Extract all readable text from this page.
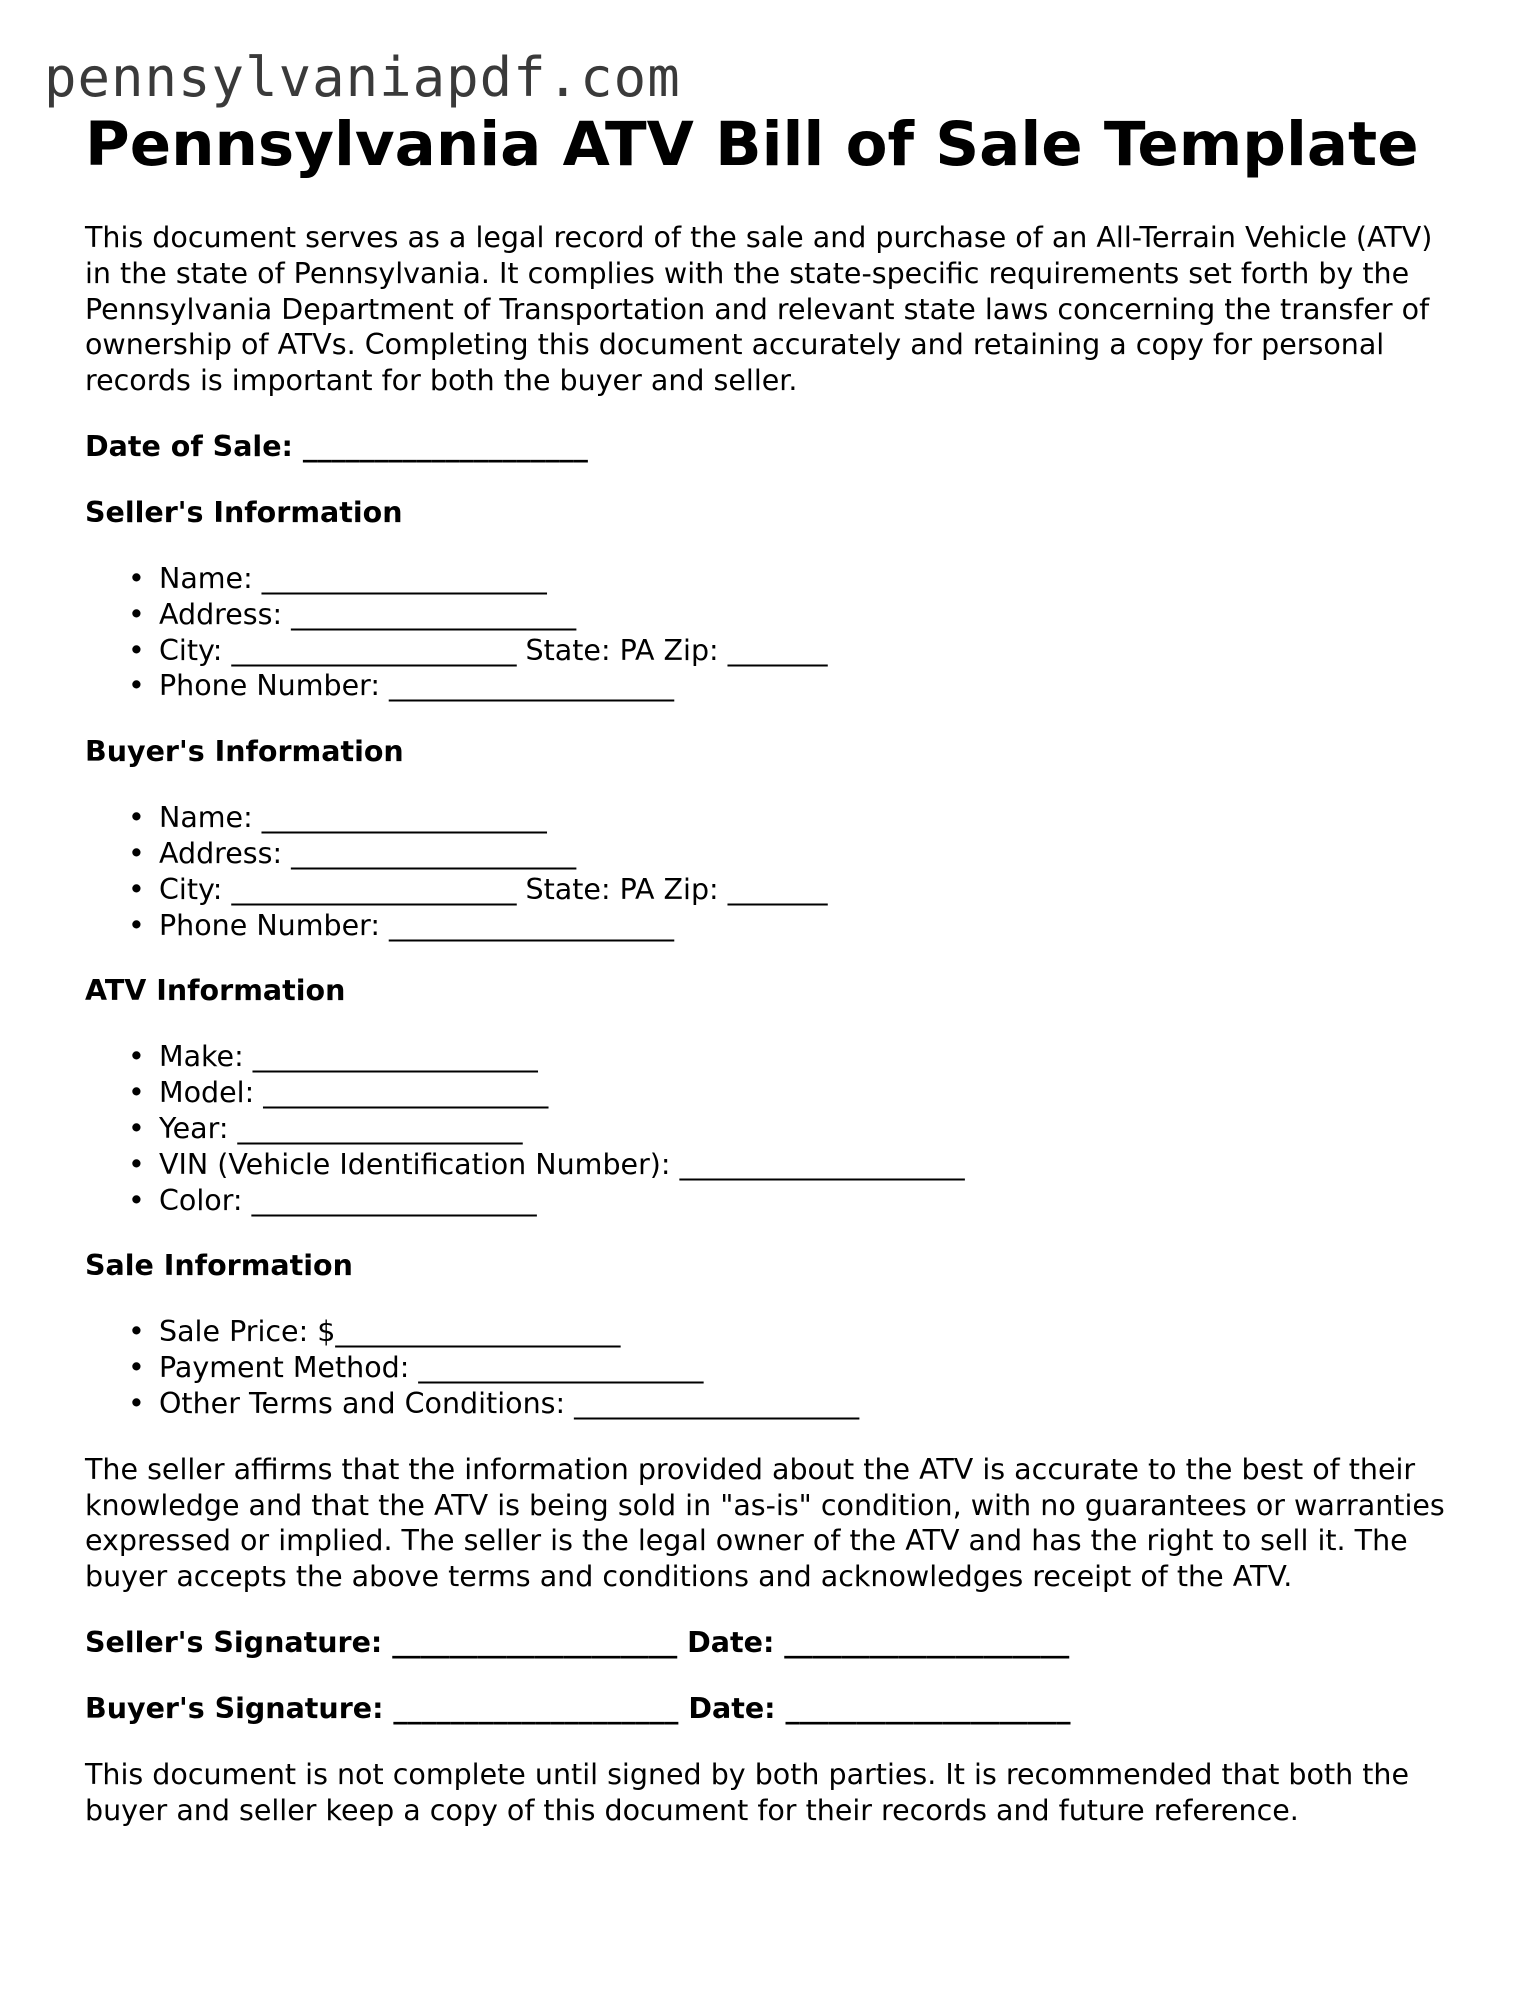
pennsylvaniapdf.com
Pennsylvania ATV Bill of Sale Template

This document serves as a legal record of the sale and purchase of an All-Terrain Vehicle (ATV) in the state of Pennsylvania. It complies with the state-specific requirements set forth by the Pennsylvania Department of Transportation and relevant state laws concerning the transfer of ownership of ATVs. Completing this document accurately and retaining a copy for personal records is important for both the buyer and seller.

Date of Sale: ____________________
Seller's Information
• Name: ____________________
• Address: ____________________
• City: ____________________ State: PA Zip: _______
• Phone Number: ____________________
Buyer's Information
• Name: ____________________
• Address: ____________________
• City: ____________________ State: PA Zip: _______
• Phone Number: ____________________
ATV Information
• Make: ____________________
• Model: ____________________
• Year: ____________________
• VIN (Vehicle Identification Number): ____________________
• Color: ____________________
Sale Information
• Sale Price: $____________________
• Payment Method: ____________________
• Other Terms and Conditions: ____________________

The seller affirms that the information provided about the ATV is accurate to the best of their knowledge and that the ATV is being sold in "as-is" condition, with no guarantees or warranties expressed or implied. The seller is the legal owner of the ATV and has the right to sell it. The buyer accepts the above terms and conditions and acknowledges receipt of the ATV.

Seller's Signature: ____________________ Date: ____________________
Buyer's Signature: ____________________ Date: ____________________

This document is not complete until signed by both parties. It is recommended that both the buyer and seller keep a copy of this document for their records and future reference.
